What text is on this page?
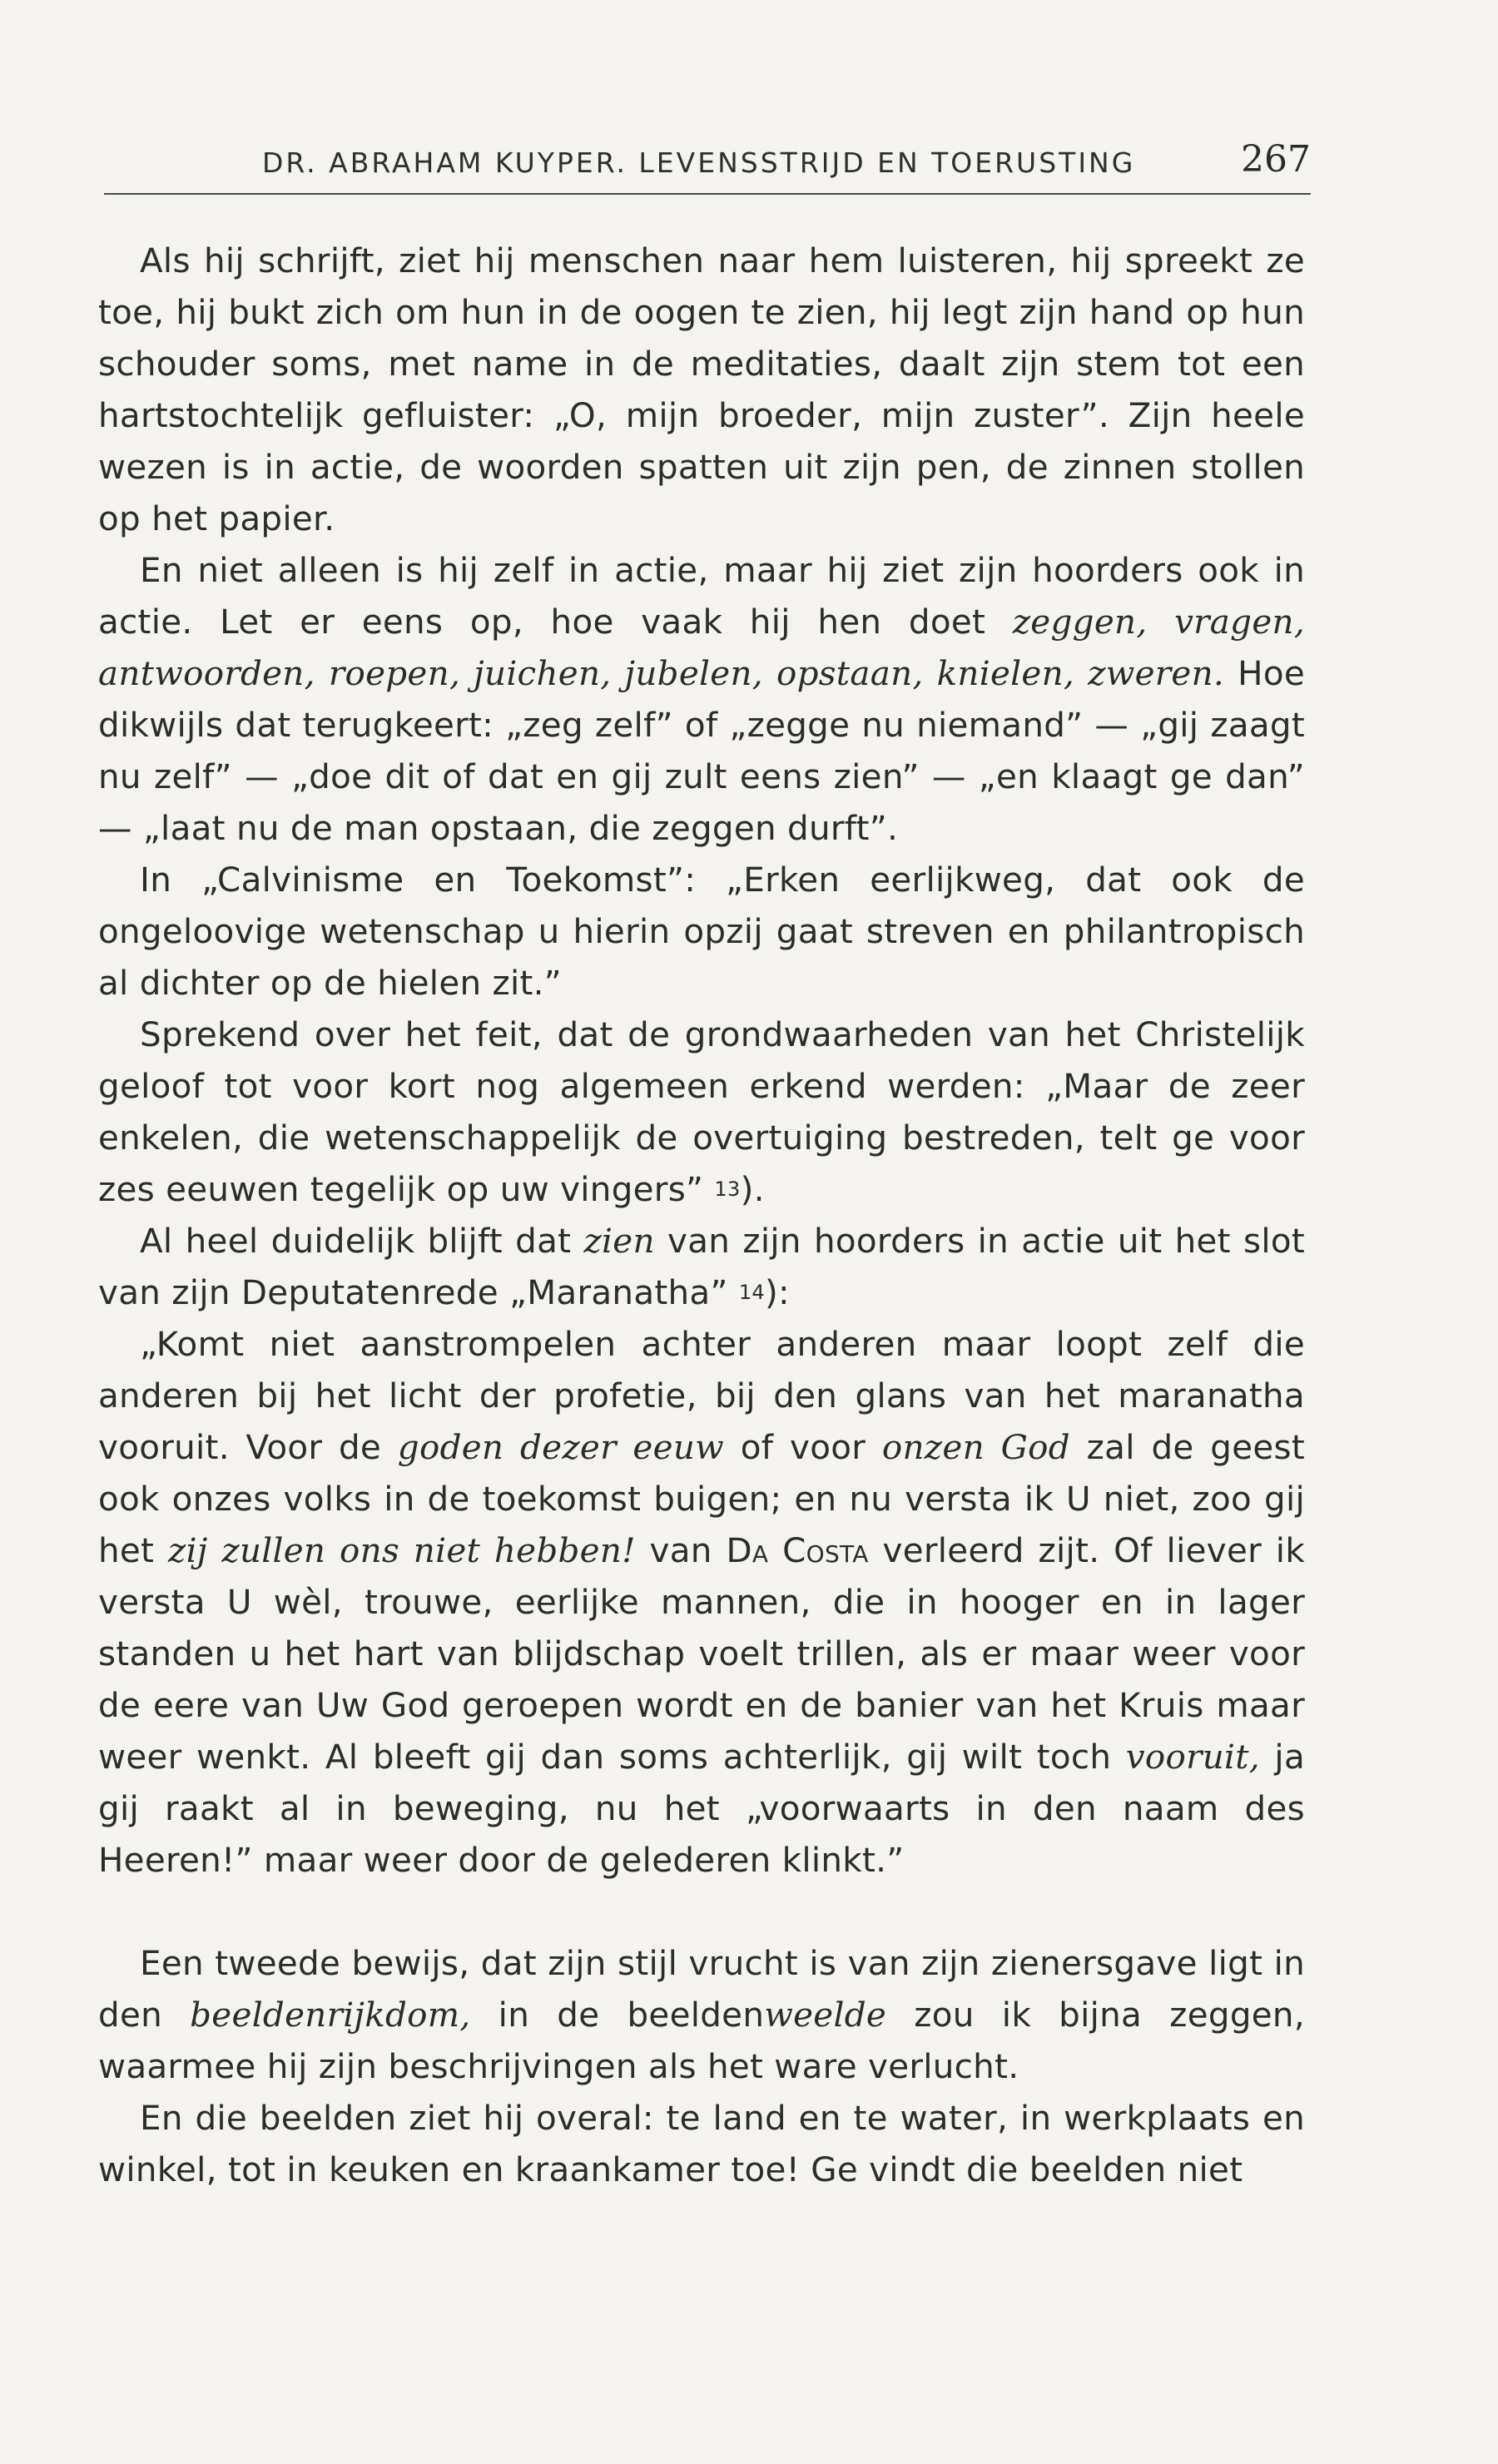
DR. ABRAHAM KUYPER. LEVENSSTRIJD EN TOERUSTING	267

Als hij schrijft, ziet hij menschen naar hem luisteren, hij spreekt ze toe, hij bukt zich om hun in de oogen te zien, hij legt zijn hand op hun schouder soms, met name in de meditaties, daalt zijn stem tot een hartstochtelijk gefluister: „O, mijn broeder, mijn zuster”. Zijn heele wezen is in actie, de woorden spatten uit zijn pen, de zinnen stollen op het papier.

En niet alleen is hij zelf in actie, maar hij ziet zijn hoorders ook in actie. Let er eens op, hoe vaak hij hen doet zeggen, vragen, antwoorden, roepen, juichen, jubelen, opstaan, knielen, zweren. Hoe dikwijls dat terugkeert: „zeg zelf” of „zegge nu niemand” — „gij zaagt nu zelf” — „doe dit of dat en gij zult eens zien” — „en klaagt ge dan” — „laat nu de man opstaan, die zeggen durft”.

In „Calvinisme en Toekomst”: „Erken eerlijkweg, dat ook de ongeloovige wetenschap u hierin opzij gaat streven en philantropisch al dichter op de hielen zit.”

Sprekend over het feit, dat de grondwaarheden van het Christelijk geloof tot voor kort nog algemeen erkend werden: „Maar de zeer enkelen, die wetenschappelijk de overtuiging bestreden, telt ge voor zes eeuwen tegelijk op uw vingers” $^{13}$).

Al heel duidelijk blijft dat zien van zijn hoorders in actie uit het slot van zijn Deputatenrede „Maranatha” $^{14}$):

„Komt niet aanstrompelen achter anderen maar loopt zelf die anderen bij het licht der profetie, bij den glans van het maranatha vooruit. Voor de goden dezer eeuw of voor onzen God zal de geest ook onzes volks in de toekomst buigen; en nu versta ik U niet, zoo gij het zij zullen ons niet hebben! van Da Costa verleerd zijt. Of liever ik versta U wèl, trouwe, eerlijke mannen, die in hooger en in lager standen u het hart van blijdschap voelt trillen, als er maar weer voor de eere van Uw God geroepen wordt en de banier van het Kruis maar weer wenkt. Al bleeft gij dan soms achterlijk, gij wilt toch vooruit, ja gij raakt al in beweging, nu het „voorwaarts in den naam des Heeren!” maar weer door de gelederen klinkt.”

Een tweede bewijs, dat zijn stijl vrucht is van zijn zienersgave ligt in den beeldenrijkdom, in de beeldenweelde zou ik bijna zeggen, waarmee hij zijn beschrijvingen als het ware verlucht.

En die beelden ziet hij overal: te land en te water, in werkplaats en winkel, tot in keuken en kraankamer toe! Ge vindt die beelden niet
